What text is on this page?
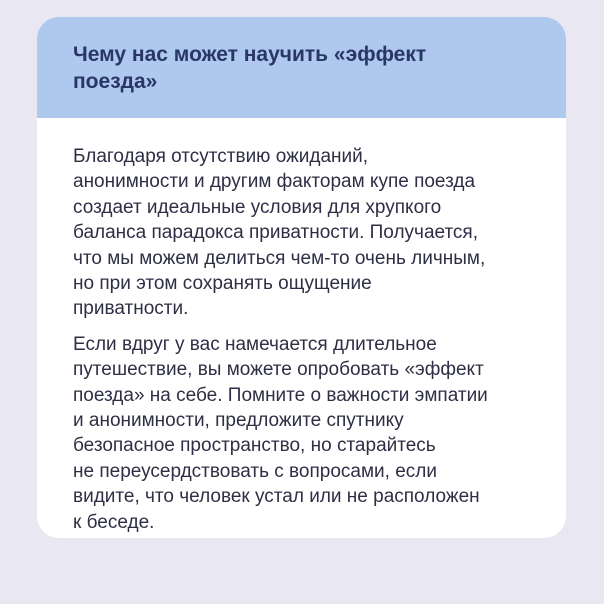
Чему нас может научить «эффект
поезда»

Благодаря отсутствию ожиданий,
анонимности и другим факторам купе поезда
создает идеальные условия для хрупкого
баланса парадокса приватности. Получается,
что мы можем делиться чем-то очень личным,
но при этом сохранять ощущение
приватности.

Если вдруг у вас намечается длительное
путешествие, вы можете опробовать «эффект
поезда» на себе. Помните о важности эмпатии
и анонимности, предложите спутнику
безопасное пространство, но старайтесь
не переусердствовать с вопросами, если
видите, что человек устал или не расположен
к беседе.
